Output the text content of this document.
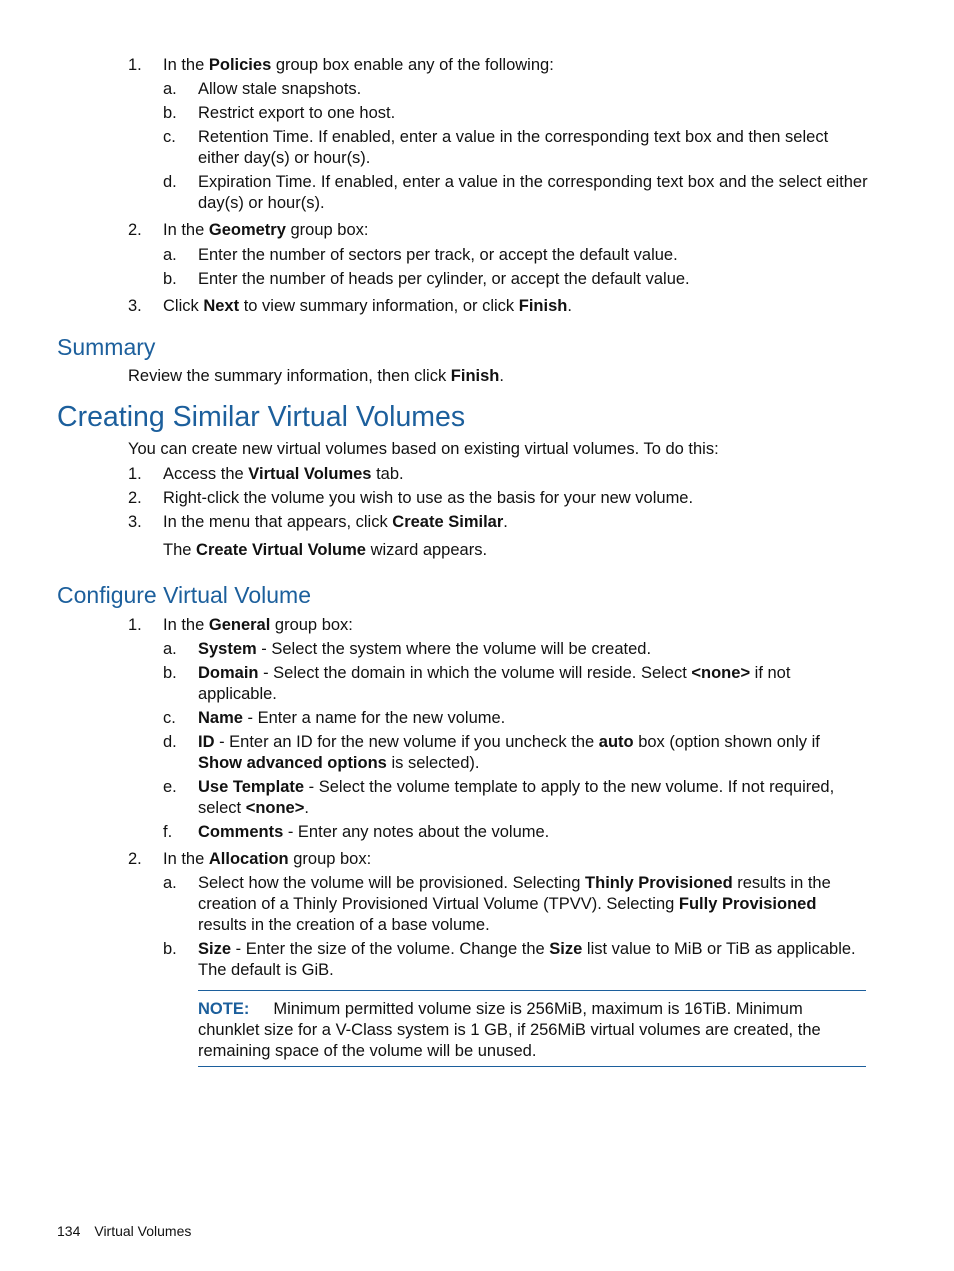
1. In the Policies group box enable any of the following:
a. Allow stale snapshots.
b. Restrict export to one host.
c. Retention Time. If enabled, enter a value in the corresponding text box and then select either day(s) or hour(s).
d. Expiration Time. If enabled, enter a value in the corresponding text box and the select either day(s) or hour(s).
2. In the Geometry group box:
a. Enter the number of sectors per track, or accept the default value.
b. Enter the number of heads per cylinder, or accept the default value.
3. Click Next to view summary information, or click Finish.
Summary
Review the summary information, then click Finish.
Creating Similar Virtual Volumes
You can create new virtual volumes based on existing virtual volumes. To do this:
1. Access the Virtual Volumes tab.
2. Right-click the volume you wish to use as the basis for your new volume.
3. In the menu that appears, click Create Similar.
The Create Virtual Volume wizard appears.
Configure Virtual Volume
1. In the General group box:
a. System - Select the system where the volume will be created.
b. Domain - Select the domain in which the volume will reside. Select <none> if not applicable.
c. Name - Enter a name for the new volume.
d. ID - Enter an ID for the new volume if you uncheck the auto box (option shown only if Show advanced options is selected).
e. Use Template - Select the volume template to apply to the new volume. If not required, select <none>.
f. Comments - Enter any notes about the volume.
2. In the Allocation group box:
a. Select how the volume will be provisioned. Selecting Thinly Provisioned results in the creation of a Thinly Provisioned Virtual Volume (TPVV). Selecting Fully Provisioned results in the creation of a base volume.
b. Size - Enter the size of the volume. Change the Size list value to MiB or TiB as applicable. The default is GiB.
NOTE: Minimum permitted volume size is 256MiB, maximum is 16TiB. Minimum chunklet size for a V-Class system is 1 GB, if 256MiB virtual volumes are created, the remaining space of the volume will be unused.
134 Virtual Volumes
